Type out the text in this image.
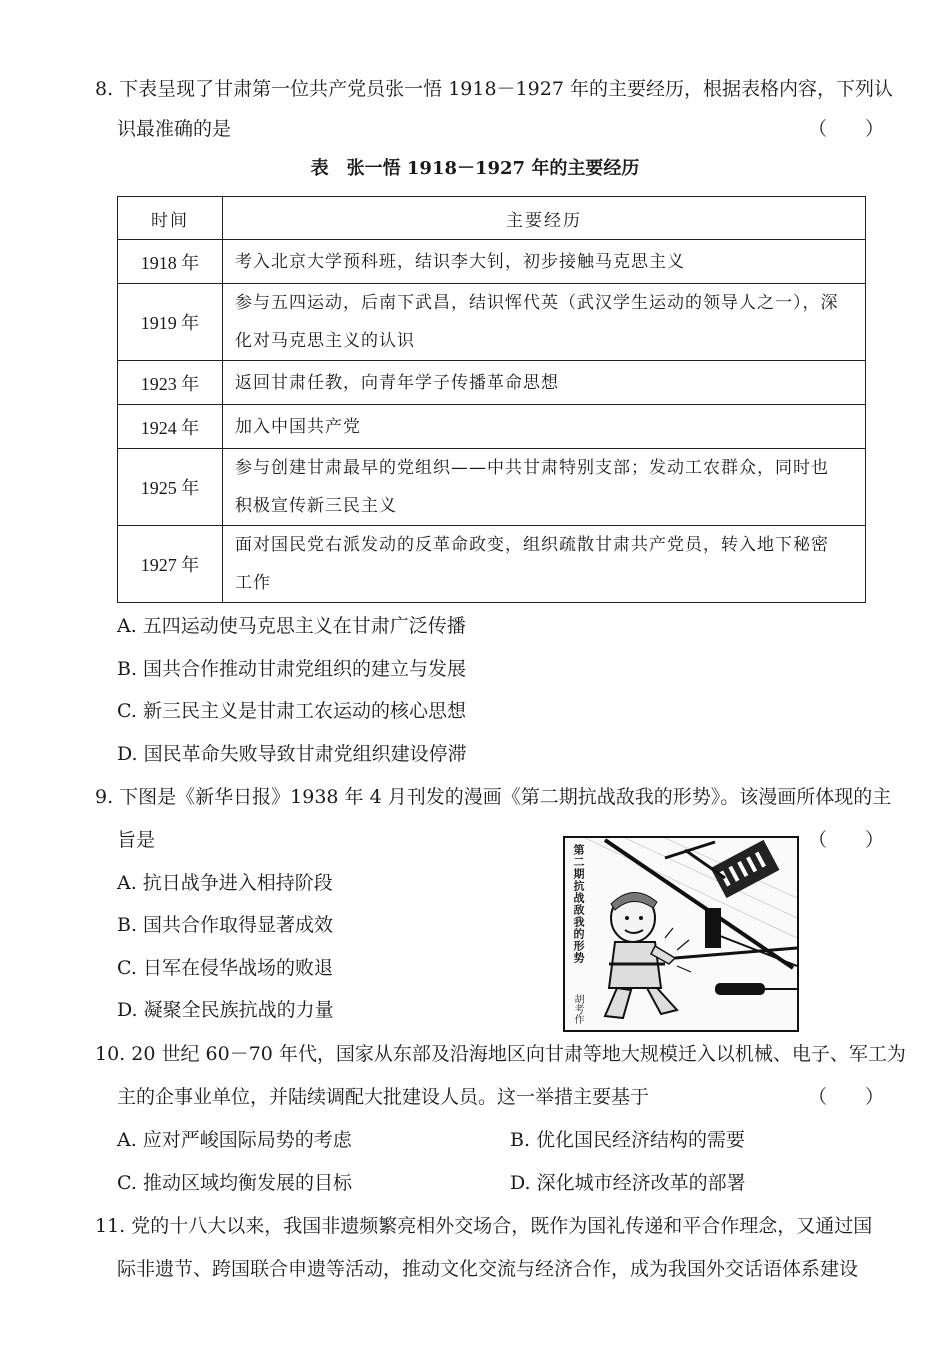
8. 下表呈现了甘肃第一位共产党员张一悟 1918－1927 年的主要经历，根据表格内容，下列认
识最准确的是	（　　）
表　张一悟 1918－1927 年的主要经历
时间	主要经历
1918 年	考入北京大学预科班，结识李大钊，初步接触马克思主义
1919 年	参与五四运动，后南下武昌，结识恽代英（武汉学生运动的领导人之一），深
化对马克思主义的认识
1923 年	返回甘肃任教，向青年学子传播革命思想
1924 年	加入中国共产党
1925 年	参与创建甘肃最早的党组织——中共甘肃特别支部；发动工农群众，同时也
积极宣传新三民主义
1927 年	面对国民党右派发动的反革命政变，组织疏散甘肃共产党员，转入地下秘密
工作
A. 五四运动使马克思主义在甘肃广泛传播
B. 国共合作推动甘肃党组织的建立与发展
C. 新三民主义是甘肃工农运动的核心思想
D. 国民革命失败导致甘肃党组织建设停滞
9. 下图是《新华日报》1938 年 4 月刊发的漫画《第二期抗战敌我的形势》。该漫画所体现的主
旨是	（　　）
A. 抗日战争进入相持阶段
B. 国共合作取得显著成效
C. 日军在侵华战场的败退
D. 凝聚全民族抗战的力量
第二期抗战敌我的形势
胡考作
10. 20 世纪 60－70 年代，国家从东部及沿海地区向甘肃等地大规模迁入以机械、电子、军工为
主的企事业单位，并陆续调配大批建设人员。这一举措主要基于	（　　）
A. 应对严峻国际局势的考虑	B. 优化国民经济结构的需要
C. 推动区域均衡发展的目标	D. 深化城市经济改革的部署
11. 党的十八大以来，我国非遗频繁亮相外交场合，既作为国礼传递和平合作理念，又通过国
际非遗节、跨国联合申遗等活动，推动文化交流与经济合作，成为我国外交话语体系建设
